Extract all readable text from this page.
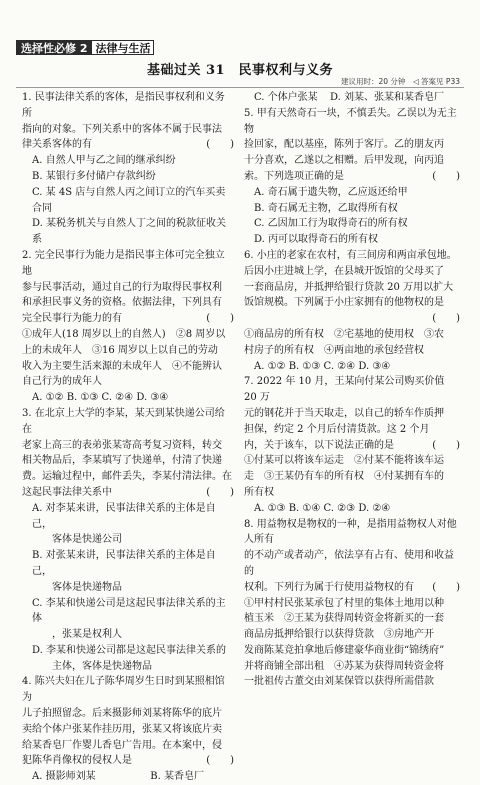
选择性必修 2 法律与生活
基础过关 31　民事权利与义务
建议用时：20 分钟　◁ 答案见 P33
1. 民事法律关系的客体，是指民事权利和义务所
指向的对象。下列关系中的客体不属于民事法
律关系客体的有	(　　)
A. 自然人甲与乙之间的继承纠纷
B. 某银行多付储户存款纠纷
C. 某 4S 店与自然人丙之间订立的汽车买卖合同
D. 某税务机关与自然人丁之间的税款征收关系
2. 完全民事行为能力是指民事主体可完全独立地
参与民事活动，通过自己的行为取得民事权利
和承担民事义务的资格。依据法律，下列具有
完全民事行为能力的有	(　　)
①成年人(18 周岁以上的自然人)　②8 周岁以
上的未成年人　③16 周岁以上以自己的劳动
收入为主要生活来源的未成年人　④不能辨认
自己行为的成年人
A. ①② B. ①③ C. ②④ D. ③④
3. 在北京上大学的李某，某天到某快递公司给在
老家上高三的表弟张某寄高考复习资料，转交
相关物品后，李某填写了快递单，付清了快递
费。运输过程中，邮件丢失，李某付清法律。在
这起民事法律关系中	(　　)
A. 对李某来讲，民事法律关系的主体是自己，
　　客体是快递公司
B. 对张某来讲，民事法律关系的主体是自己，
　　客体是快递物品
C. 李某和快递公司是这起民事法律关系的主体
　　，张某是权利人
D. 李某和快递公司都是这起民事法律关系的
　　主体，客体是快递物品
4. 陈兴夫妇在儿子陈华周岁生日时到某照相馆为
儿子拍照留念。后来摄影师刘某将陈华的底片
卖给个体户张某作挂历用，张某又将该底片卖
给某香皂厂作婴儿香皂广告用。在本案中，侵
犯陈华肖像权的侵权人是	(　　)
A. 摄影师刘某	B. 某香皂厂
C. 个体户张某 D. 刘某、张某和某香皂厂
5. 甲有天然奇石一块，不慎丢失。乙误以为无主物
捡回家，配以基座，陈列于客厅。乙的朋友丙
十分喜欢，乙遂以之相赠。后甲发现，向丙追
索。下列选项正确的是	(　　)
A. 奇石属于遗失物，乙应返还给甲
B. 奇石属无主物，乙取得所有权
C. 乙因加工行为取得奇石的所有权
D. 丙可以取得奇石的所有权
6. 小庄的老家在农村，有三间房和两亩承包地。
后因小庄进城上学，在县城开饭馆的父母买了
一套商品房，并抵押给银行贷款 20 万用以扩大
饭馆规模。下列属于小庄家拥有的他物权的是
(　　)

①商品房的所有权　②宅基地的使用权　③农
村房子的所有权　④两亩地的承包经营权
A. ①② B. ①③ C. ②④ D. ③④
7. 2022 年 10 月，王某向付某公司购买价值 20 万
元的钢花并于当天取走，以自己的轿车作质押
担保，约定 2 个月后付清货款。这 2 个月
内，关于该车，以下说法正确的是	(　　)
①付某可以将该车运走　②付某不能将该车运
走　③王某仍有车的所有权　④付某拥有车的
所有权
A. ①③ B. ①④ C. ②③ D. ②④
8. 用益物权是物权的一种，是指用益物权人对他人所有
的不动产或者动产，依法享有占有、使用和收益的
权利。下列行为属于行使用益物权的有 (　　)
①甲村村民张某承包了村里的集体土地用以种
植玉米　②王某为获得周转资金将新买的一套
商品房抵押给银行以获得贷款　③房地产开
发商陈某竞拍拿地后修建豪华商业街“锦绣府”
并将商铺全部出租　④苏某为获得周转资金将
一批祖传古董交由刘某保管以获得所需借款
